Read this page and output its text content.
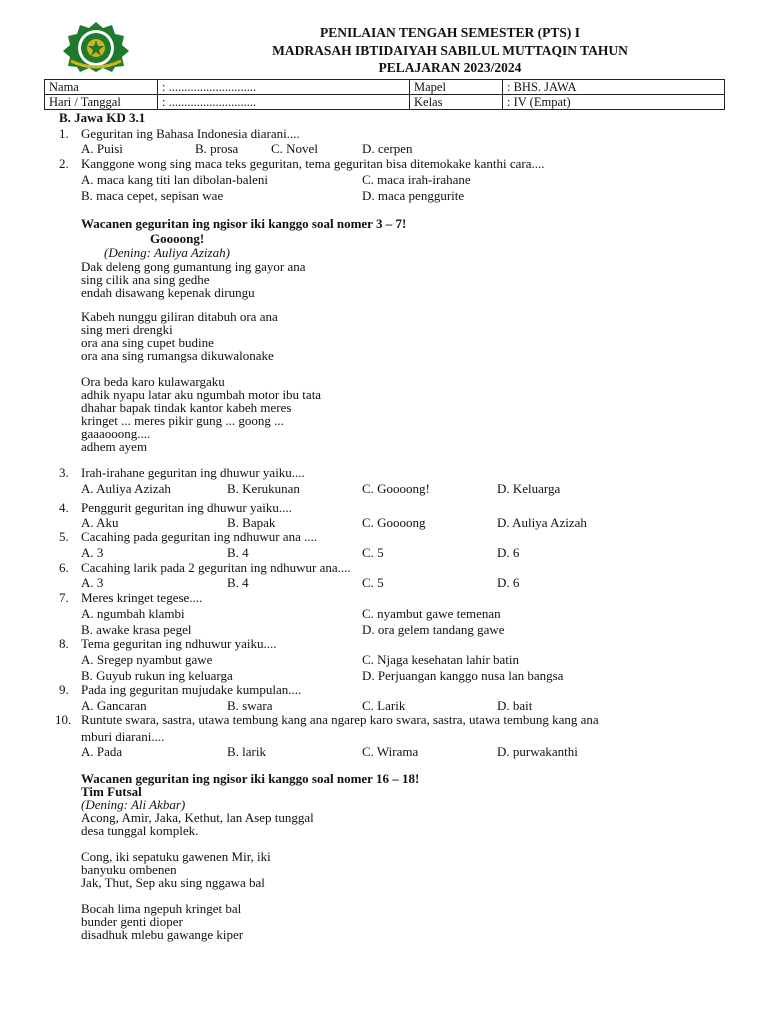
PENILAIAN TENGAH SEMESTER (PTS) I
MADRASAH IBTIDAIYAH SABILUL MUTTAQIN TAHUN
PELAJARAN 2023/2024
Nama	: ............................	Mapel	: BHS. JAWA
Hari / Tanggal	: ............................	Kelas	: IV (Empat)
B. Jawa KD 3.1
1. Geguritan ing Bahasa Indonesia diarani....
A. Puisi	B. prosa	C. Novel	D. cerpen
2. Kanggone wong sing maca teks geguritan, tema geguritan bisa ditemokake kanthi cara....
A. maca kang titi lan dibolan-baleni	C. maca irah-irahane
B. maca cepet, sepisan wae	D. maca penggurite
Wacanen geguritan ing ngisor iki kanggo soal nomer 3 – 7!
Goooong!
(Dening: Auliya Azizah)
Dak deleng gong gumantung ing gayor ana
sing cilik ana sing gedhe
endah disawang kepenak dirungu
Kabeh nunggu giliran ditabuh ora ana
sing meri drengki
ora ana sing cupet budine
ora ana sing rumangsa dikuwalonake
Ora beda karo kulawargaku
adhik nyapu latar aku ngumbah motor ibu tata
dhahar bapak tindak kantor kabeh meres
kringet ... meres pikir gung ... goong ...
gaaaooong....
adhem ayem
3. Irah-irahane geguritan ing dhuwur yaiku....
A. Auliya Azizah	B. Kerukunan	C. Goooong!	D. Keluarga
4. Penggurit geguritan ing dhuwur yaiku....
A. Aku	B. Bapak	C. Goooong	D. Auliya Azizah
5. Cacahing pada geguritan ing ndhuwur ana ....
A. 3	B. 4	C. 5	D. 6
6. Cacahing larik pada 2 geguritan ing ndhuwur ana....
A. 3	B. 4	C. 5	D. 6
7. Meres kringet tegese....
A. ngumbah klambi	C. nyambut gawe temenan
B. awake krasa pegel	D. ora gelem tandang gawe
8. Tema geguritan ing ndhuwur yaiku....
A. Sregep nyambut gawe	C. Njaga kesehatan lahir batin
B. Guyub rukun ing keluarga	D. Perjuangan kanggo nusa lan bangsa
9. Pada ing geguritan mujudake kumpulan....
A. Gancaran	B. swara	C. Larik	D. bait
10. Runtute swara, sastra, utawa tembung kang ana ngarep karo swara, sastra, utawa tembung kang ana
mburi diarani....
A. Pada	B. larik	C. Wirama	D. purwakanthi
Wacanen geguritan ing ngisor iki kanggo soal nomer 16 – 18!
Tim Futsal
(Dening: Ali Akbar)
Acong, Amir, Jaka, Kethut, lan Asep tunggal
desa tunggal komplek.
Cong, iki sepatuku gawenen Mir, iki
banyuku ombenen
Jak, Thut, Sep aku sing nggawa bal
Bocah lima ngepuh kringet bal
bunder genti dioper
disadhuk mlebu gawange kiper
